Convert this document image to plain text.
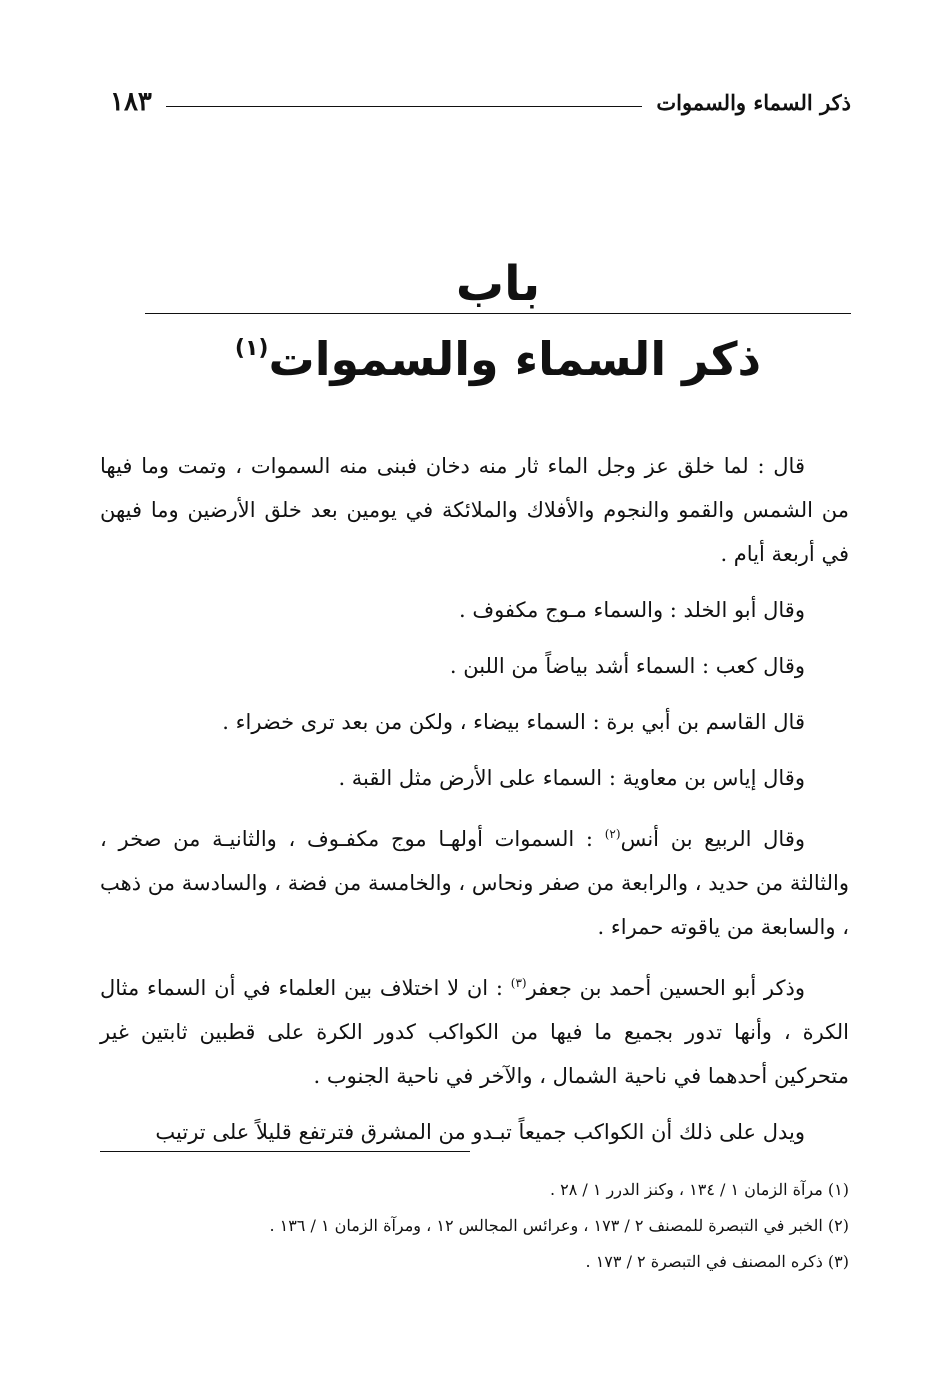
ذكر السماء والسموات
١٨٣
باب
ذكر السماء والسموات$^{(١)}$

قال : لما خلق عز وجل الماء ثار منه دخان فبنى منه السموات ، وتمت وما فيها من الشمس والقمو والنجوم والأفلاك والملائكة في يومين بعد خلق الأرضين وما فيهن في أربعة أيام .

وقال أبو الخلد : والسماء مـوج مكفوف .

وقال كعب : السماء أشد بياضاً من اللبن .

قال القاسم بن أبي برة : السماء بيضاء ، ولكن من بعد ترى خضراء .

وقال إياس بن معاوية : السماء على الأرض مثل القبة .

وقال الربيع بن أنس$^{(٢)}$ : السموات أولهـا موج مكفـوف ، والثانيـة من صخر ، والثالثة من حديد ، والرابعة من صفر ونحاس ، والخامسة من فضة ، والسادسة من ذهب ، والسابعة من ياقوته حمراء .

وذكر أبو الحسين أحمد بن جعفر$^{(٣)}$ : ان لا اختلاف بين العلماء في أن السماء مثال الكرة ، وأنها تدور بجميع ما فيها من الكواكب كدور الكرة على قطبين ثابتين غير متحركين أحدهما في ناحية الشمال ، والآخر في ناحية الجنوب .

ويدل على ذلك أن الكواكب جميعاً تبـدو من المشرق فترتفع قليلاً على ترتيب

(١) مرآة الزمان ١ / ١٣٤ ، وكنز الدرر ١ / ٢٨ .

(٢) الخبر في التبصرة للمصنف ٢ / ١٧٣ ، وعرائس المجالس ١٢ ، ومرآة الزمان ١ / ١٣٦ .

(٣) ذكره المصنف في التبصرة ٢ / ١٧٣ .
